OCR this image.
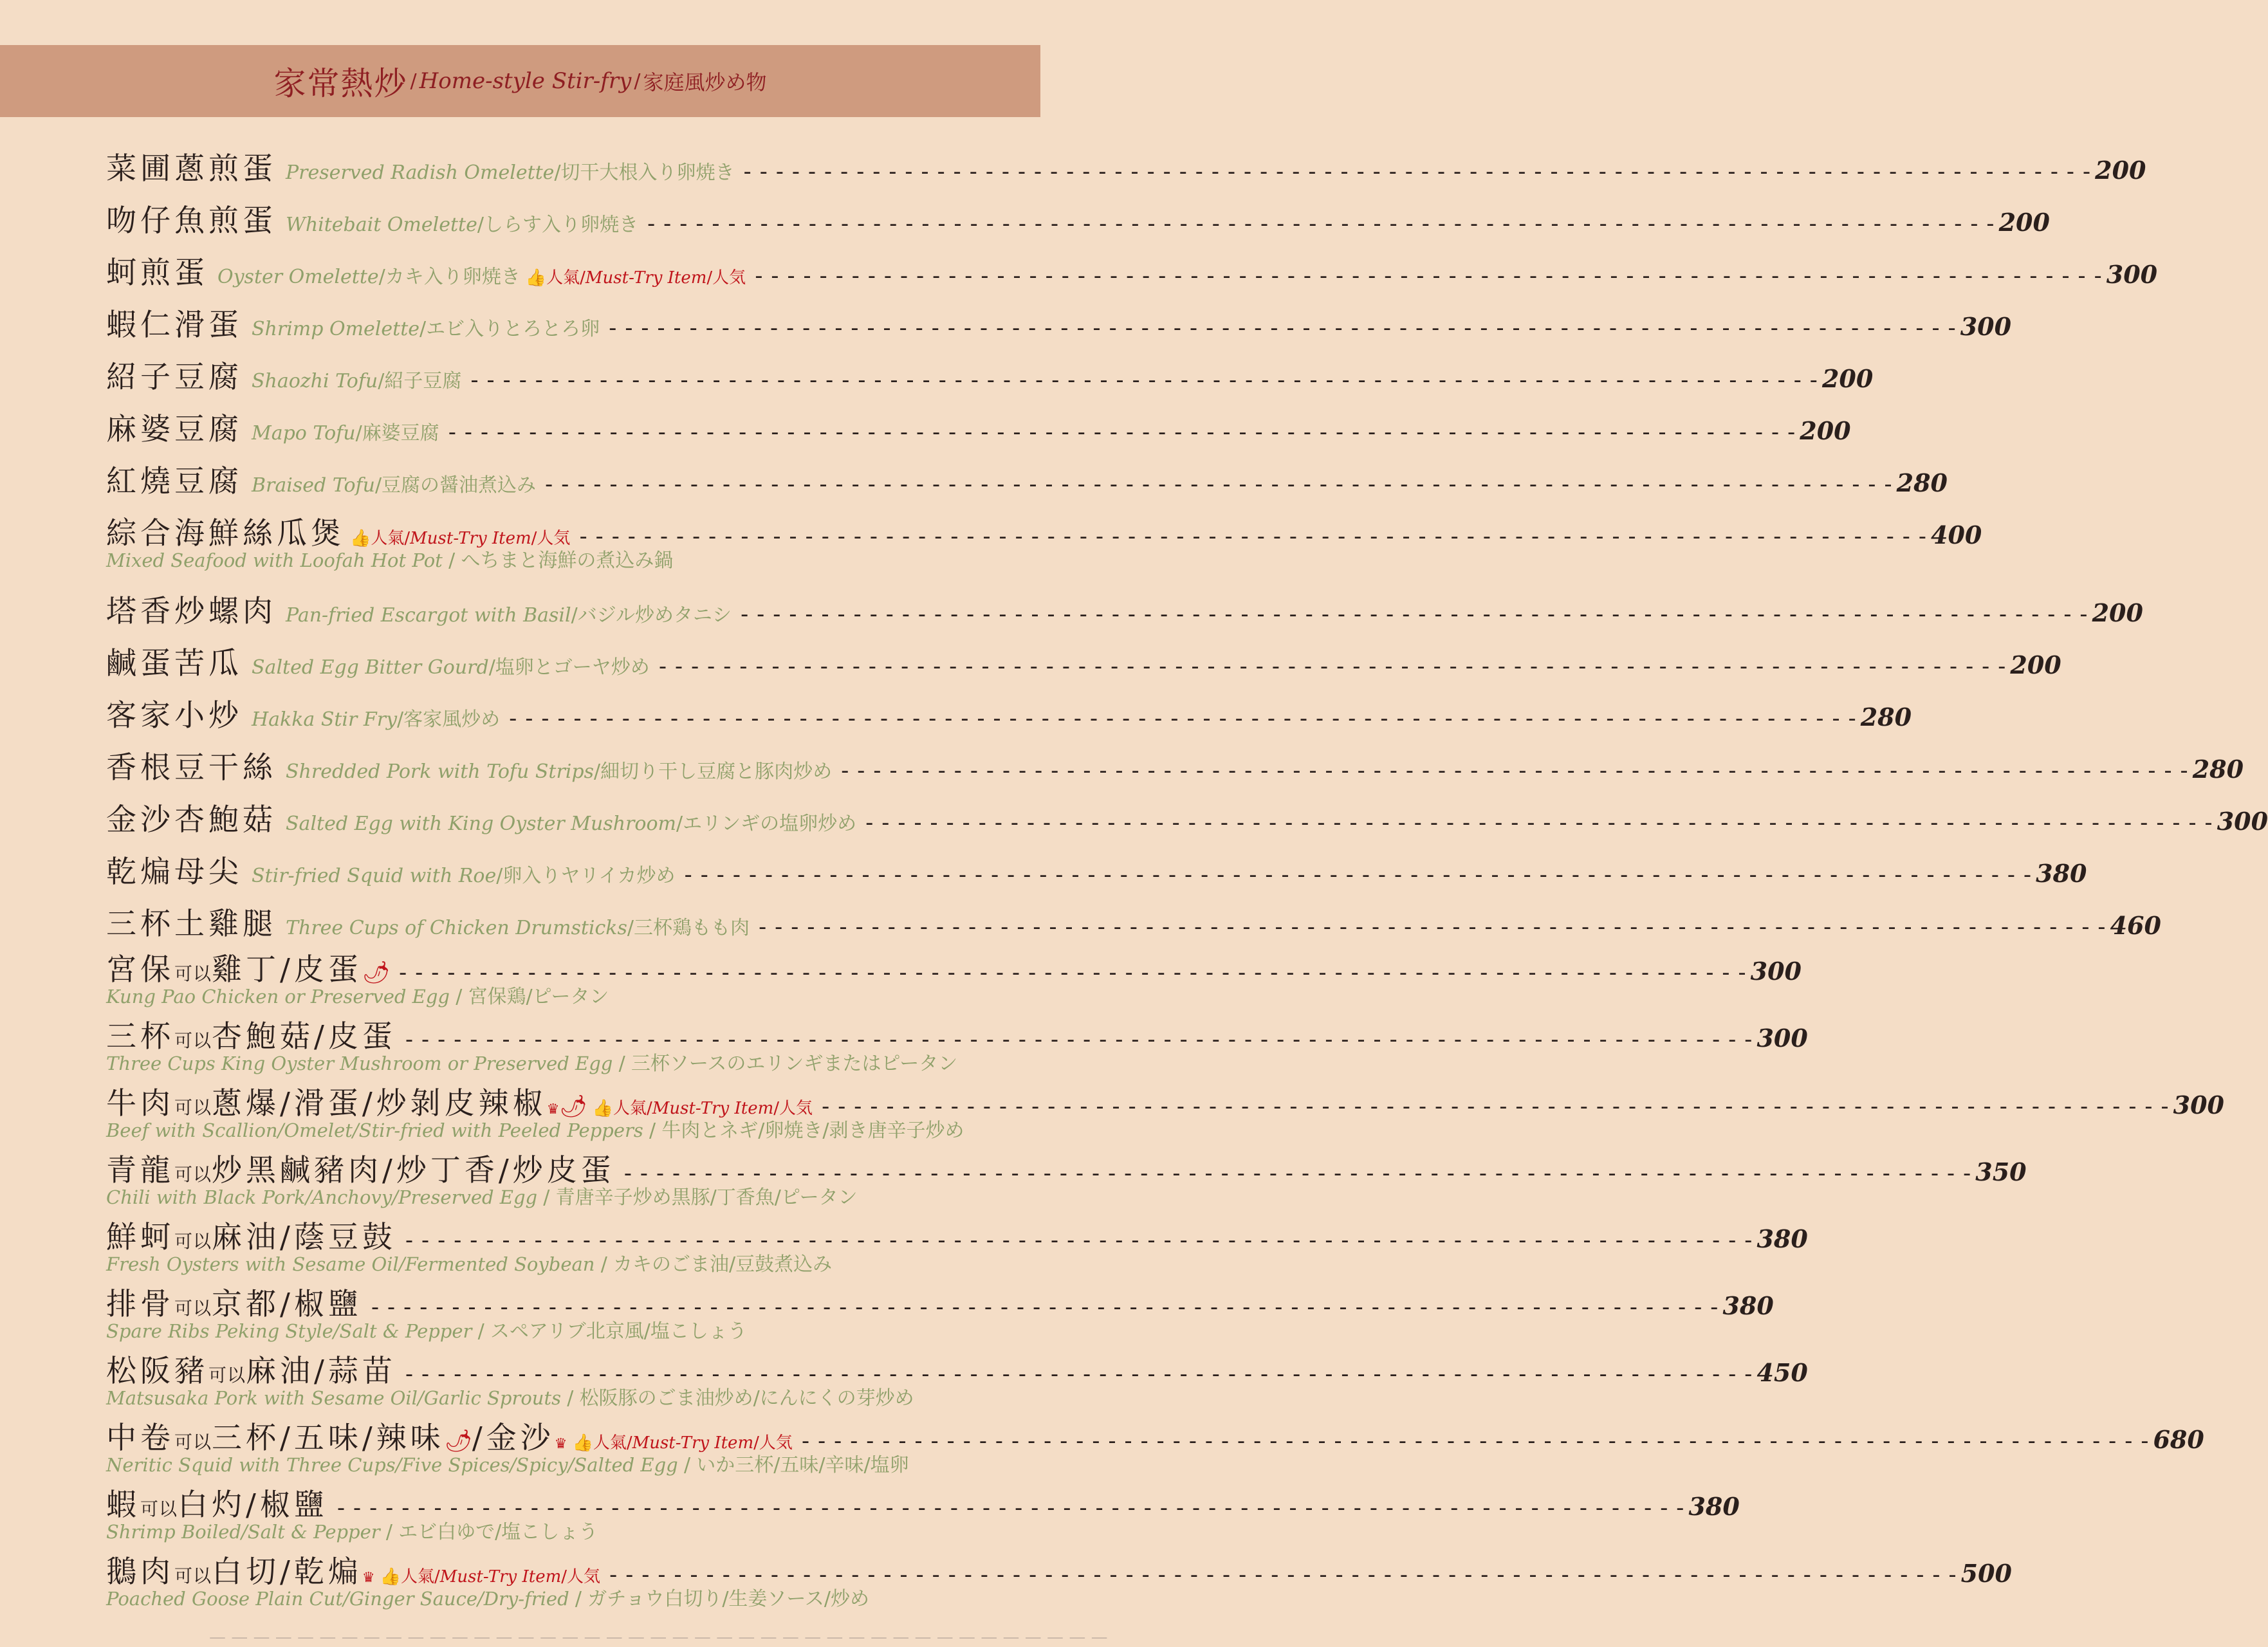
家常熱炒 / Home-style Stir-fry / 家庭風炒め物
菜圃蔥煎蛋 Preserved Radish Omelette / 切干大根入り卵焼き - - -	200
吻仔魚煎蛋 Whitebait Omelette / しらす入り卵焼き - - -	200
蚵煎蛋 Oyster Omelette / カキ入り卵焼き 👍人氣/Must-Try Item/人気 - - -	300
蝦仁滑蛋 Shrimp Omelette / エビ入りとろとろ卵 - - -	300
紹子豆腐 Shaozhi Tofu / 紹子豆腐 - - -	200
麻婆豆腐 Mapo Tofu / 麻婆豆腐 - - -	200
紅燒豆腐 Braised Tofu / 豆腐の醤油煮込み - - -	280
綜合海鮮絲瓜煲 👍人氣/Must-Try Item/人気 - - -	400
Mixed Seafood with Loofah Hot Pot / へちまと海鮮の煮込み鍋
塔香炒螺肉 Pan-fried Escargot with Basil / バジル炒めタニシ - - -	200
鹹蛋苦瓜 Salted Egg Bitter Gourd / 塩卵とゴーヤ炒め - - -	200
客家小炒 Hakka Stir Fry / 客家風炒め - - -	280
香根豆干絲 Shredded Pork with Tofu Strips / 細切り干し豆腐と豚肉炒め - - -	280
金沙杏鮑菇 Salted Egg with King Oyster Mushroom / エリンギの塩卵炒め - - -	300
乾煸母尖 Stir-fried Squid with Roe / 卵入りヤリイカ炒め - - -	380
三杯土雞腿 Three Cups of Chicken Drumsticks / 三杯鶏もも肉 - - -	460
宮保可以雞丁/皮蛋 🌶 - - -	300
Kung Pao Chicken or Preserved Egg / 宮保鶏/ピータン
三杯可以杏鮑菇/皮蛋 - - -	300
Three Cups King Oyster Mushroom or Preserved Egg / 三杯ソースのエリンギまたはピータン
牛肉可以蔥爆/滑蛋/炒剝皮辣椒 ♛ 🌶 👍人氣/Must-Try Item/人気 - - -	300
Beef with Scallion/Omelet/Stir-fried with Peeled Peppers / 牛肉とネギ/卵焼き/剥き唐辛子炒め
青龍可以炒黑鹹豬肉/炒丁香/炒皮蛋 - - -	350
Chili with Black Pork/Anchovy/Preserved Egg / 青唐辛子炒め黒豚/丁香魚/ピータン
鮮蚵可以麻油/蔭豆鼓 - - -	380
Fresh Oysters with Sesame Oil/Fermented Soybean / カキのごま油/豆鼓煮込み
排骨可以京都/椒鹽 - - -	380
Spare Ribs Peking Style/Salt & Pepper / スペアリブ北京風/塩こしょう
松阪豬可以麻油/蒜苗 - - -	450
Matsusaka Pork with Sesame Oil/Garlic Sprouts / 松阪豚のごま油炒め/にんにくの芽炒め
中卷可以三杯/五味/辣味 🌶 /金沙 ♛ 👍人氣/Must-Try Item/人気 - - -	680
Neritic Squid with Three Cups/Five Spices/Spicy/Salted Egg / いか三杯/五味/辛味/塩卵
蝦可以白灼/椒鹽 - - -	380
Shrimp Boiled/Salt & Pepper / エビ白ゆで/塩こしょう
鵝肉可以白切/乾煸 ♛ 👍人氣/Must-Try Item/人気 - - -	500
Poached Goose Plain Cut/Ginger Sauce/Dry-fried / ガチョウ白切り/生姜ソース/炒め
— — — — — — — — — — — — — — — — — — — — — — — — — — — — — — — — — — — — — — — — —
